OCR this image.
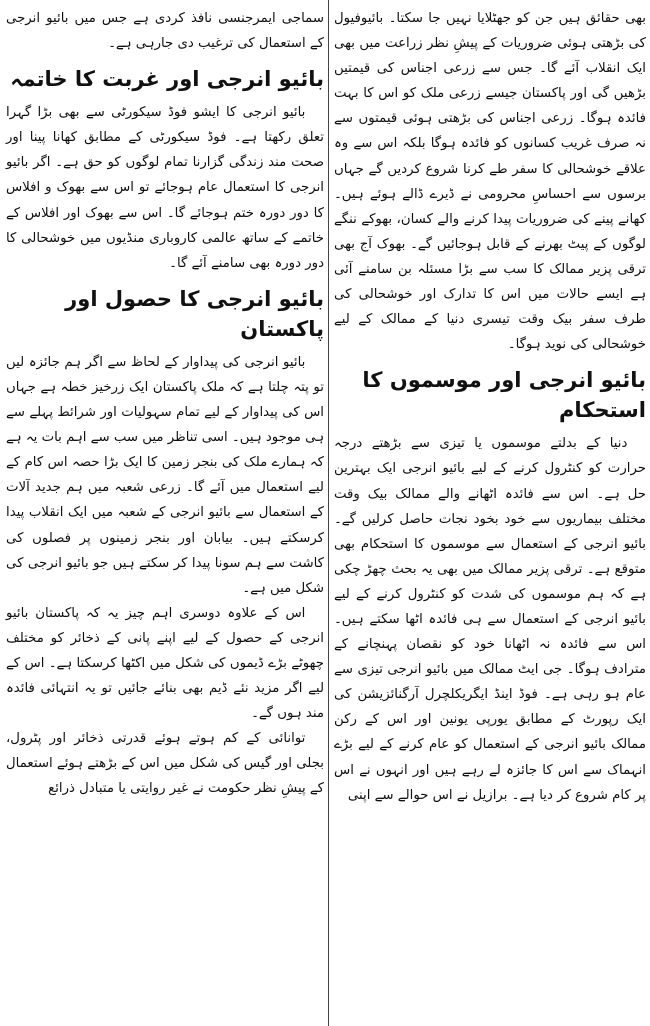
بھی حقائق ہیں جن کو جھٹلایا نہیں جا سکتا۔ بائیوفیول کی بڑھتی ہوئی ضروریات کے پیشِ نظر زراعت میں بھی ایک انقلاب آئے گا۔ جس سے زرعی اجناس کی قیمتیں بڑھیں گی اور پاکستان جیسے زرعی ملک کو اس کا بہت فائدہ ہوگا۔ زرعی اجناس کی بڑھتی ہوئی قیمتوں سے نہ صرف غریب کسانوں کو فائدہ ہوگا بلکہ اس سے وہ علاقے خوشحالی کا سفر طے کرنا شروع کردیں گے جہاں برسوں سے احساسِ محرومی نے ڈیرے ڈالے ہوئے ہیں۔ کھانے پینے کی ضروریات پیدا کرنے والے کسان، بھوکے ننگے لوگوں کے پیٹ بھرنے کے قابل ہوجائیں گے۔ بھوک آج بھی ترقی پزیر ممالک کا سب سے بڑا مسئلہ بن سامنے آئی ہے ایسے حالات میں اس کا تدارک اور خوشحالی کی طرف سفر بیک وقت تیسری دنیا کے ممالک کے لیے خوشحالی کی نوید ہوگا۔

بائیو انرجی اور موسموں کا استحکام

دنیا کے بدلتے موسموں یا تیزی سے بڑھتے درجہ حرارت کو کنٹرول کرنے کے لیے بائیو انرجی ایک بہترین حل ہے۔ اس سے فائدہ اٹھانے والے ممالک بیک وقت مختلف بیماریوں سے خود بخود نجات حاصل کرلیں گے۔ بائیو انرجی کے استعمال سے موسموں کا استحکام بھی متوقع ہے۔ ترقی پزیر ممالک میں بھی یہ بحث چھڑ چکی ہے کہ ہم موسموں کی شدت کو کنٹرول کرنے کے لیے بائیو انرجی کے استعمال سے ہی فائدہ اٹھا سکتے ہیں۔ اس سے فائدہ نہ اٹھانا خود کو نقصان پہنچانے کے مترادف ہوگا۔ جی ایٹ ممالک میں بائیو انرجی تیزی سے عام ہو رہی ہے۔ فوڈ اینڈ ایگریکلچرل آرگنائزیشن کی ایک رپورٹ کے مطابق یورپی یونین اور اس کے رکن ممالک بائیو انرجی کے استعمال کو عام کرنے کے لیے بڑے انہماک سے اس کا جائزہ لے رہے ہیں اور انہوں نے اس پر کام شروع کر دیا ہے۔ برازیل نے اس حوالے سے اپنی

سماجی ایمرجنسی نافذ کردی ہے جس میں بائیو انرجی کے استعمال کی ترغیب دی جارہی ہے۔

بائیو انرجی اور غربت کا خاتمہ

بائیو انرجی کا ایشو فوڈ سیکورٹی سے بھی بڑا گہرا تعلق رکھتا ہے۔ فوڈ سیکورٹی کے مطابق کھانا پینا اور صحت مند زندگی گزارنا تمام لوگوں کو حق ہے۔ اگر بائیو انرجی کا استعمال عام ہوجائے تو اس سے بھوک و افلاس کا دور دورہ ختم ہوجائے گا۔ اس سے بھوک اور افلاس کے خاتمے کے ساتھ عالمی کاروباری منڈیوں میں خوشحالی کا دور دورہ بھی سامنے آئے گا۔

بائیو انرجی کا حصول اور پاکستان

بائیو انرجی کی پیداوار کے لحاظ سے اگر ہم جائزہ لیں تو پتہ چلتا ہے کہ ملک پاکستان ایک زرخیز خطہ ہے جہاں اس کی پیداوار کے لیے تمام سہولیات اور شرائط پہلے سے ہی موجود ہیں۔ اسی تناظر میں سب سے اہم بات یہ ہے کہ ہمارے ملک کی بنجر زمین کا ایک بڑا حصہ اس کام کے لیے استعمال میں آئے گا۔ زرعی شعبہ میں ہم جدید آلات کے استعمال سے بائیو انرجی کے شعبہ میں ایک انقلاب پیدا کرسکتے ہیں۔ بیابان اور بنجر زمینوں پر فصلوں کی کاشت سے ہم سونا پیدا کر سکتے ہیں جو بائیو انرجی کی شکل میں ہے۔

اس کے علاوہ دوسری اہم چیز یہ کہ پاکستان بائیو انرجی کے حصول کے لیے اپنے پانی کے ذخائر کو مختلف چھوٹے بڑے ڈیموں کی شکل میں اکٹھا کرسکتا ہے۔ اس کے لیے اگر مزید نئے ڈیم بھی بنائے جائیں تو یہ انتہائی فائدہ مند ہوں گے۔

توانائی کے کم ہوتے ہوئے قدرتی ذخائر اور پٹرول، بجلی اور گیس کی شکل میں اس کے بڑھتے ہوئے استعمال کے پیشِ نظر حکومت نے غیر روایتی یا متبادل ذرائع
